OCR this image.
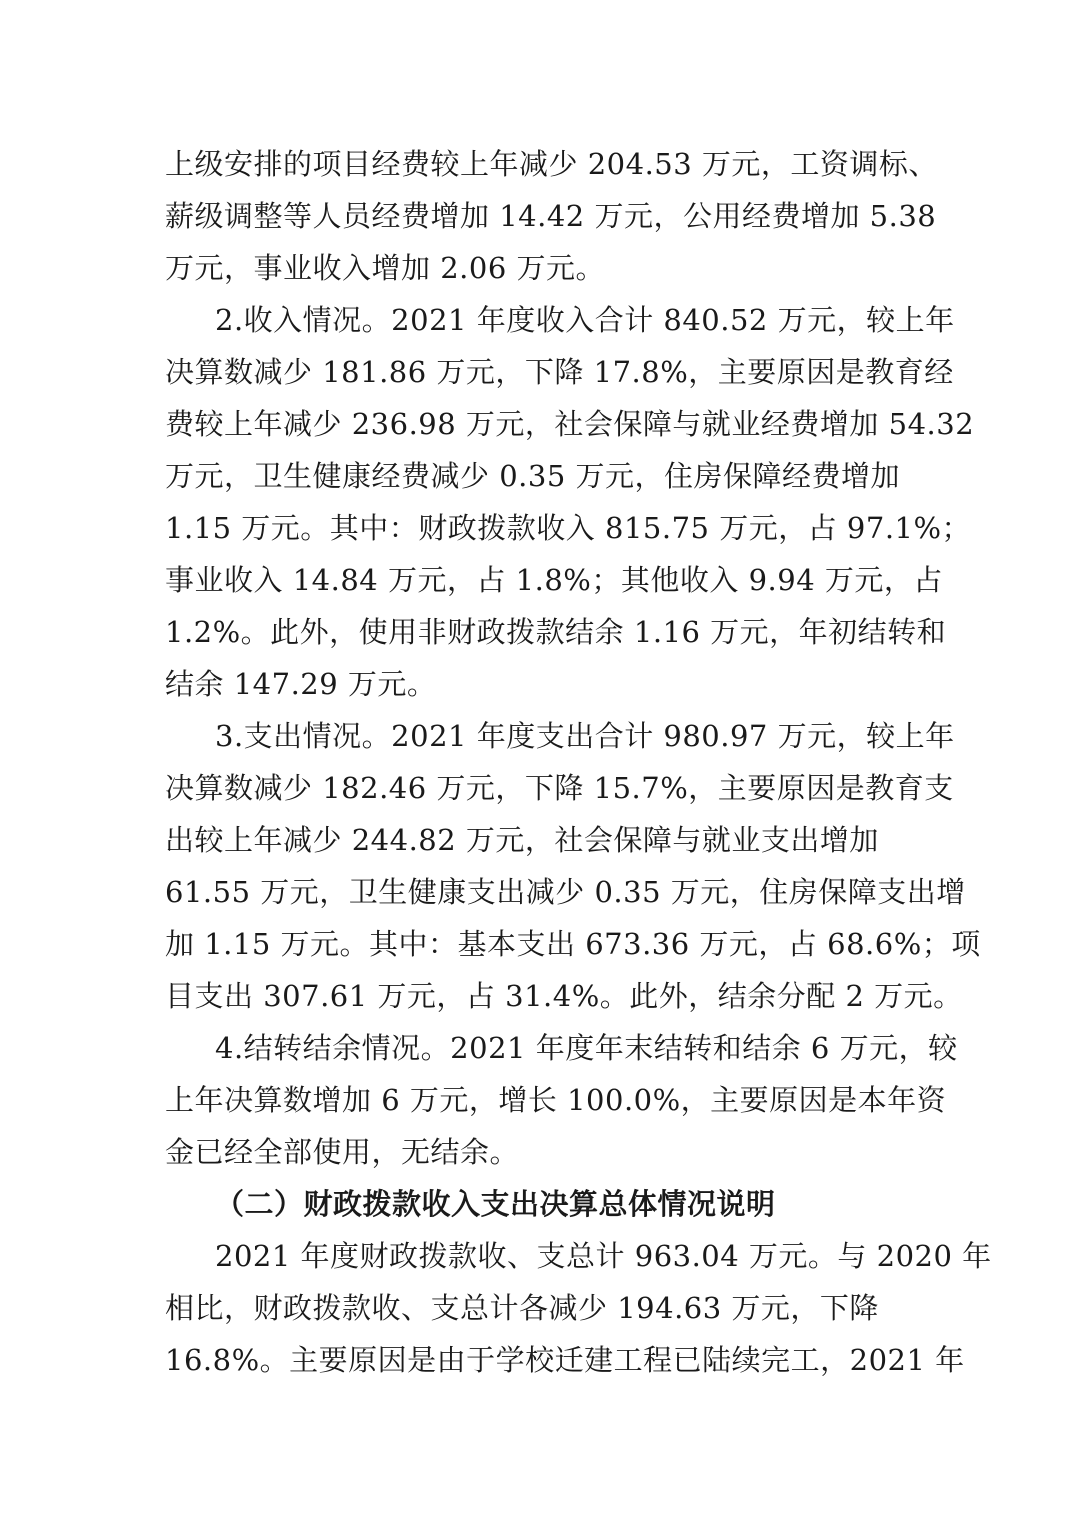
上级安排的项目经费较上年减少 204.53 万元，工资调标、
薪级调整等人员经费增加 14.42 万元，公用经费增加 5.38
万元，事业收入增加 2.06 万元。
2.收入情况。2021 年度收入合计 840.52 万元，较上年
决算数减少 181.86 万元，下降 17.8%，主要原因是教育经
费较上年减少 236.98 万元，社会保障与就业经费增加 54.32
万元，卫生健康经费减少 0.35 万元，住房保障经费增加
1.15 万元。其中：财政拨款收入 815.75 万元，占 97.1%；
事业收入 14.84 万元，占 1.8%；其他收入 9.94 万元，占
1.2%。此外，使用非财政拨款结余 1.16 万元，年初结转和
结余 147.29 万元。
3.支出情况。2021 年度支出合计 980.97 万元，较上年
决算数减少 182.46 万元，下降 15.7%，主要原因是教育支
出较上年减少 244.82 万元，社会保障与就业支出增加
61.55 万元，卫生健康支出减少 0.35 万元，住房保障支出增
加 1.15 万元。其中：基本支出 673.36 万元，占 68.6%；项
目支出 307.61 万元，占 31.4%。此外，结余分配 2 万元。
4.结转结余情况。2021 年度年末结转和结余 6 万元，较
上年决算数增加 6 万元，增长 100.0%，主要原因是本年资
金已经全部使用，无结余。
（二）财政拨款收入支出决算总体情况说明
2021 年度财政拨款收、支总计 963.04 万元。与 2020 年
相比，财政拨款收、支总计各减少 194.63 万元，下降
16.8%。主要原因是由于学校迁建工程已陆续完工，2021 年
